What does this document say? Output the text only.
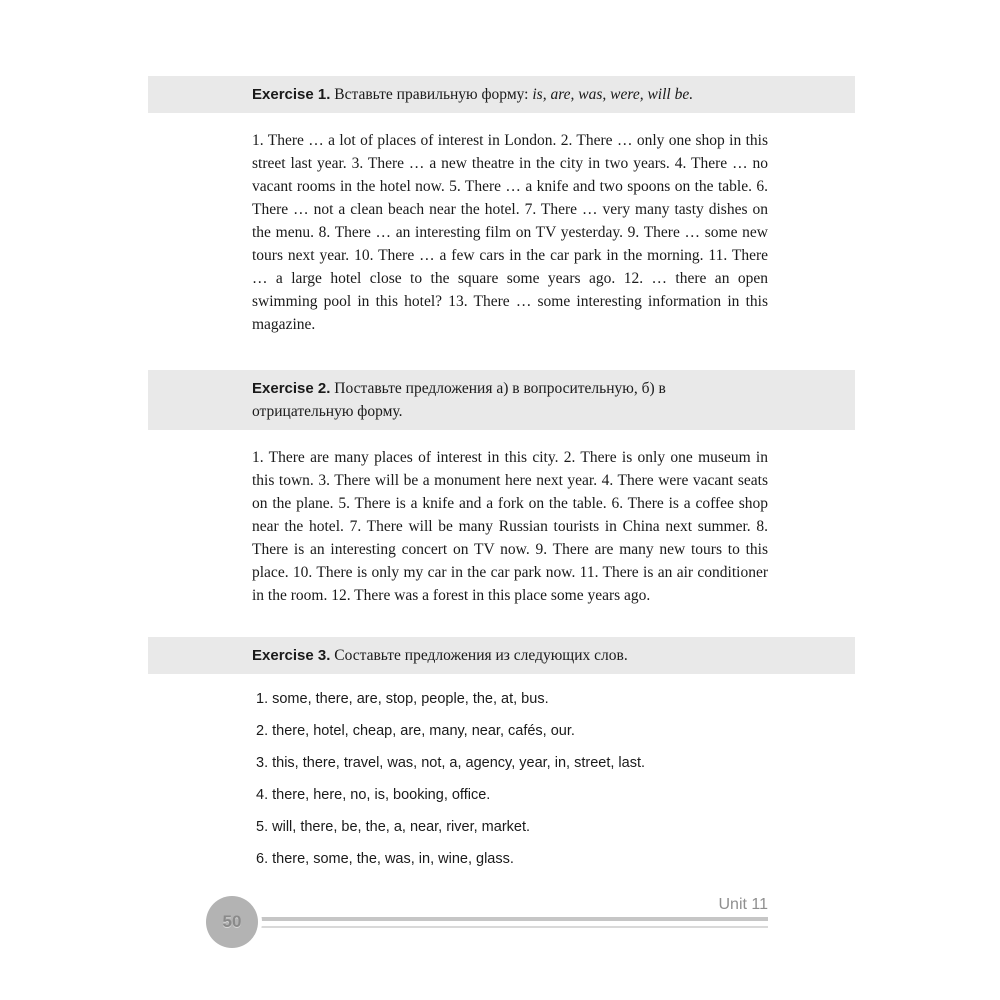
Exercise 1. Вставьте правильную форму: is, are, was, were, will be.
1. There … a lot of places of interest in London. 2. There … only one shop in this street last year. 3. There … a new theatre in the city in two years. 4. There … no vacant rooms in the hotel now. 5. There … a knife and two spoons on the table. 6. There … not a clean beach near the hotel. 7. There … very many tasty dishes on the menu. 8. There … an interesting film on TV yesterday. 9. There … some new tours next year. 10. There … a few cars in the car park in the morning. 11. There … a large hotel close to the square some years ago. 12. … there an open swimming pool in this hotel? 13. There … some interesting information in this magazine.
Exercise 2. Поставьте предложения а) в вопросительную, б) в отрицательную форму.
1. There are many places of interest in this city. 2. There is only one museum in this town. 3. There will be a monument here next year. 4. There were vacant seats on the plane. 5. There is a knife and a fork on the table. 6. There is a coffee shop near the hotel. 7. There will be many Russian tourists in China next summer. 8. There is an interesting concert on TV now. 9. There are many new tours to this place. 10. There is only my car in the car park now. 11. There is an air conditioner in the room. 12. There was a forest in this place some years ago.
Exercise 3. Составьте предложения из следующих слов.
1. some, there, are, stop, people, the, at, bus.
2. there, hotel, cheap, are, many, near, cafés, our.
3. this, there, travel, was, not, a, agency, year, in, street, last.
4. there, here, no, is, booking, office.
5. will, there, be, the, a, near, river, market.
6. there, some, the, was, in, wine, glass.
Unit 11
50
